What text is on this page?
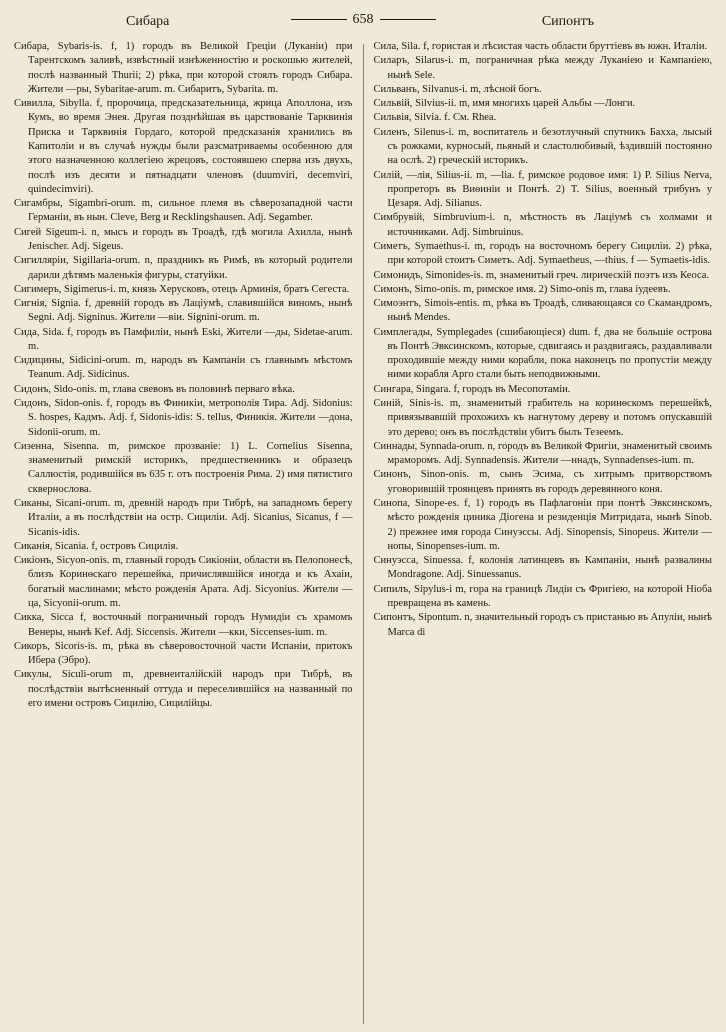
Сибара	658	Сипонтъ

Сибара, Sybaris-is. f, 1) городъ въ Великой Греціи (Луканіи) при Тарентскомъ заливѣ, извѣстный изнѣженностію и роскошью жителей, послѣ названный Thurii; 2) рѣка, при которой стоялъ городъ Сибара. Жители —ры, Sybaritae-arum. m. Сибаритъ, Sybarita. m.

Сивилла, Sibylla. f, пророчица, предсказательница, жрица Аполлона, изъ Кумъ, во время Энея. Другая позднѣйшая въ царствованіе Тарквинія Приска и Тарквинія Гордаго, которой предсказанія хранились въ Капитоліи и въ случаѣ нужды были разсматриваемы особенною для этого назначенною коллегіею жрецовъ, состоявшею сперва изъ двухъ, послѣ изъ десяти и пятнадцати членовъ (duumviri, decemviri, quindecimviri).

Сигамбры, Sigambri-orum. m, сильное племя въ сѣверозападной части Германіи, въ нын. Cleve, Berg и Recklingshausen. Adj. Segamber.

Сигей Sigeum-i. n, мысъ и городъ въ Троадѣ, гдѣ могила Ахилла, нынѣ Jenischer. Adj. Sigeus.

Сигилляріи, Sigillaria-orum. n, праздникъ въ Римѣ, въ который родители дарили дѣтямъ маленькія фигуры, статуйки.

Сигимеръ, Sigimerus-i. m, князь Херусковъ, отецъ Арминія, братъ Сегеста.

Сигнія, Signia. f, древній городъ въ Лаціумѣ, славившійся виномъ, нынѣ Segni. Adj. Signinus. Жители —віи. Signini-orum. m.

Сида, Sida. f, городъ въ Памфиліи, нынѣ Eski, Жители —ды, Sidetae-arum. m.

Сидицины, Sidicini-orum. m, народъ въ Кампаніи съ главнымъ мѣстомъ Teanum. Adj. Sidicinus.

Сидонъ, Sido-onis. m, глава свевовъ въ половинѣ перваго вѣка.

Сидонъ, Sidon-onis. f, городъ въ Финикіи, метрополія Тира. Adj. Sidonius: S. hospes, Кадмъ. Adj. f, Sidonis-idis: S. tellus, Финикія. Жители —дона, Sidonii-orum. m.

Сизенна, Sisenna. m, римское прозваніе: 1) L. Cornelius Sisenna, знаменитый римскій историкъ, предшественникъ и образецъ Саллюстія, родившійся въ 635 г. отъ построенія Рима. 2) имя пятистиго сквернослова.

Сиканы, Sicani-orum. m, древній народъ при Тибрѣ, на западномъ берегу Италіи, а въ послѣдствіи на остр. Сициліи. Adj. Sicanius, Sicanus, f —Sicanis-idis.

Сиканія, Sicania. f, островъ Сицилія.

Сикіонъ, Sicyon-onis. m, главный городъ Сикіоніи, области въ Пелопонесѣ, близъ Коринѳскаго перешейка, причислявшійся иногда и къ Ахаіи, богатый маслинами; мѣсто рожденія Арата. Adj. Sicyonius. Жители —ца, Sicyonii-orum. m.

Сикка, Sicca f, восточный пограничный городъ Нумидіи съ храмомъ Венеры, нынѣ Kef. Adj. Siccensis. Жители —кки, Siccenses-ium. m.

Сикоръ, Sicoris-is. m, рѣка въ сѣверовосточной части Испаніи, притокъ Ибера (Эбро).

Сикулы, Siculi-orum m, древнеиталійскій народъ при Тибрѣ, въ послѣдствіи вытѣсненный оттуда и переселившійся на названный по его имени островъ Сицилію, Сицилійцы.

Сила, Sila. f, гористая и лѣсистая часть области бруттіевъ въ южн. Италіи.

Силаръ, Silarus-i. m, пограничная рѣка между Луканіею и Кампаніею, нынѣ Sele.

Сильванъ, Silvanus-i. m, лѣсной богъ.

Сильвій, Silvius-ii. m, имя многихъ царей Альбы —Лонги.

Сильвія, Silvia. f. См. Rhea.

Силенъ, Silenus-i. m, воспитатель и безотлучный спутникъ Бахха, лысый съ рожками, курносый, пьяный и сластолюбивый, ѣздившій постоянно на ослѣ. 2) греческій историкъ.

Силій, —лія, Silius-ii. m, —lia. f, римское родовое имя: 1) P. Silius Nerva, пропреторъ въ Виѳиніи и Понтѣ. 2) T. Silius, военный трибунъ у Цезаря. Adj. Silianus.

Симбрувій, Simbruvium-i. n, мѣстность въ Лаціумѣ съ холмами и источниками. Adj. Simbruinus.

Симетъ, Symaethus-i. m, городъ на восточномъ берегу Сициліи. 2) рѣка, при которой стоитъ Симетъ. Adj. Symaetheus, —thius. f — Symaetis-idis.

Симонидъ, Simonides-is. m, знаменитый греч. лирическій поэтъ изъ Кеоса.

Симонъ, Simo-onis. m, римское имя. 2) Simo-onis m, глава іудеевъ.

Симоэнтъ, Simois-entis. m, рѣка въ Троадѣ, сливающаяся со Скамандромъ, нынѣ Mendes.

Симплегады, Symplegades (сшибающіеся) dum. f, два не большіе острова въ Понтѣ Эвксинскомъ, которые, сдвигаясь и раздвигаясь, раздавливали проходившіе между ними корабли, пока наконецъ по пропуcтіи между ними корабля Арго стали быть неподвижными.

Сингара, Singara. f, городъ въ Месопотаміи.

Синій, Sinis-is. m, знаменитый грабитель на коринѳскомъ перешейкѣ, привязывавшій прохожихъ къ нагнутому дереву и потомъ опускавшій это дерево; онъ въ послѣдствіи убитъ былъ Тезеемъ.

Синнады, Synnada-orum. n, городъ въ Великой Фригіи, знаменитый своимъ мраморомъ. Adj. Synnadensis. Жители —ннадъ, Synnadenses-ium. m.

Синонъ, Sinon-onis. m, сынъ Эсима, съ хитрымъ притворствомъ уговорившій троянцевъ принять въ городъ деревянного коня.

Синопа, Sinope-es. f, 1) городъ въ Пафлагоніи при понтѣ Эвксинскомъ, мѣсто рожденія циника Діогена и резиденція Митридата, нынѣ Sinob. 2) прежнее имя города Синуэссы. Adj. Sinopensis, Sinopeus. Жители —нопы, Sinopenses-ium. m.

Синуэсса, Sinuessa. f, колонія латинцевъ въ Кампаніи, нынѣ развалины Mondragone. Adj. Sinuessanus.

Сипилъ, Sipylus-i m, гора на границѣ Лидіи съ Фригіею, на которой Ніоба превращена въ камень.

Сипонтъ, Sipontum. n, значительный городъ съ пристанью въ Апуліи, нынѣ Marca di
